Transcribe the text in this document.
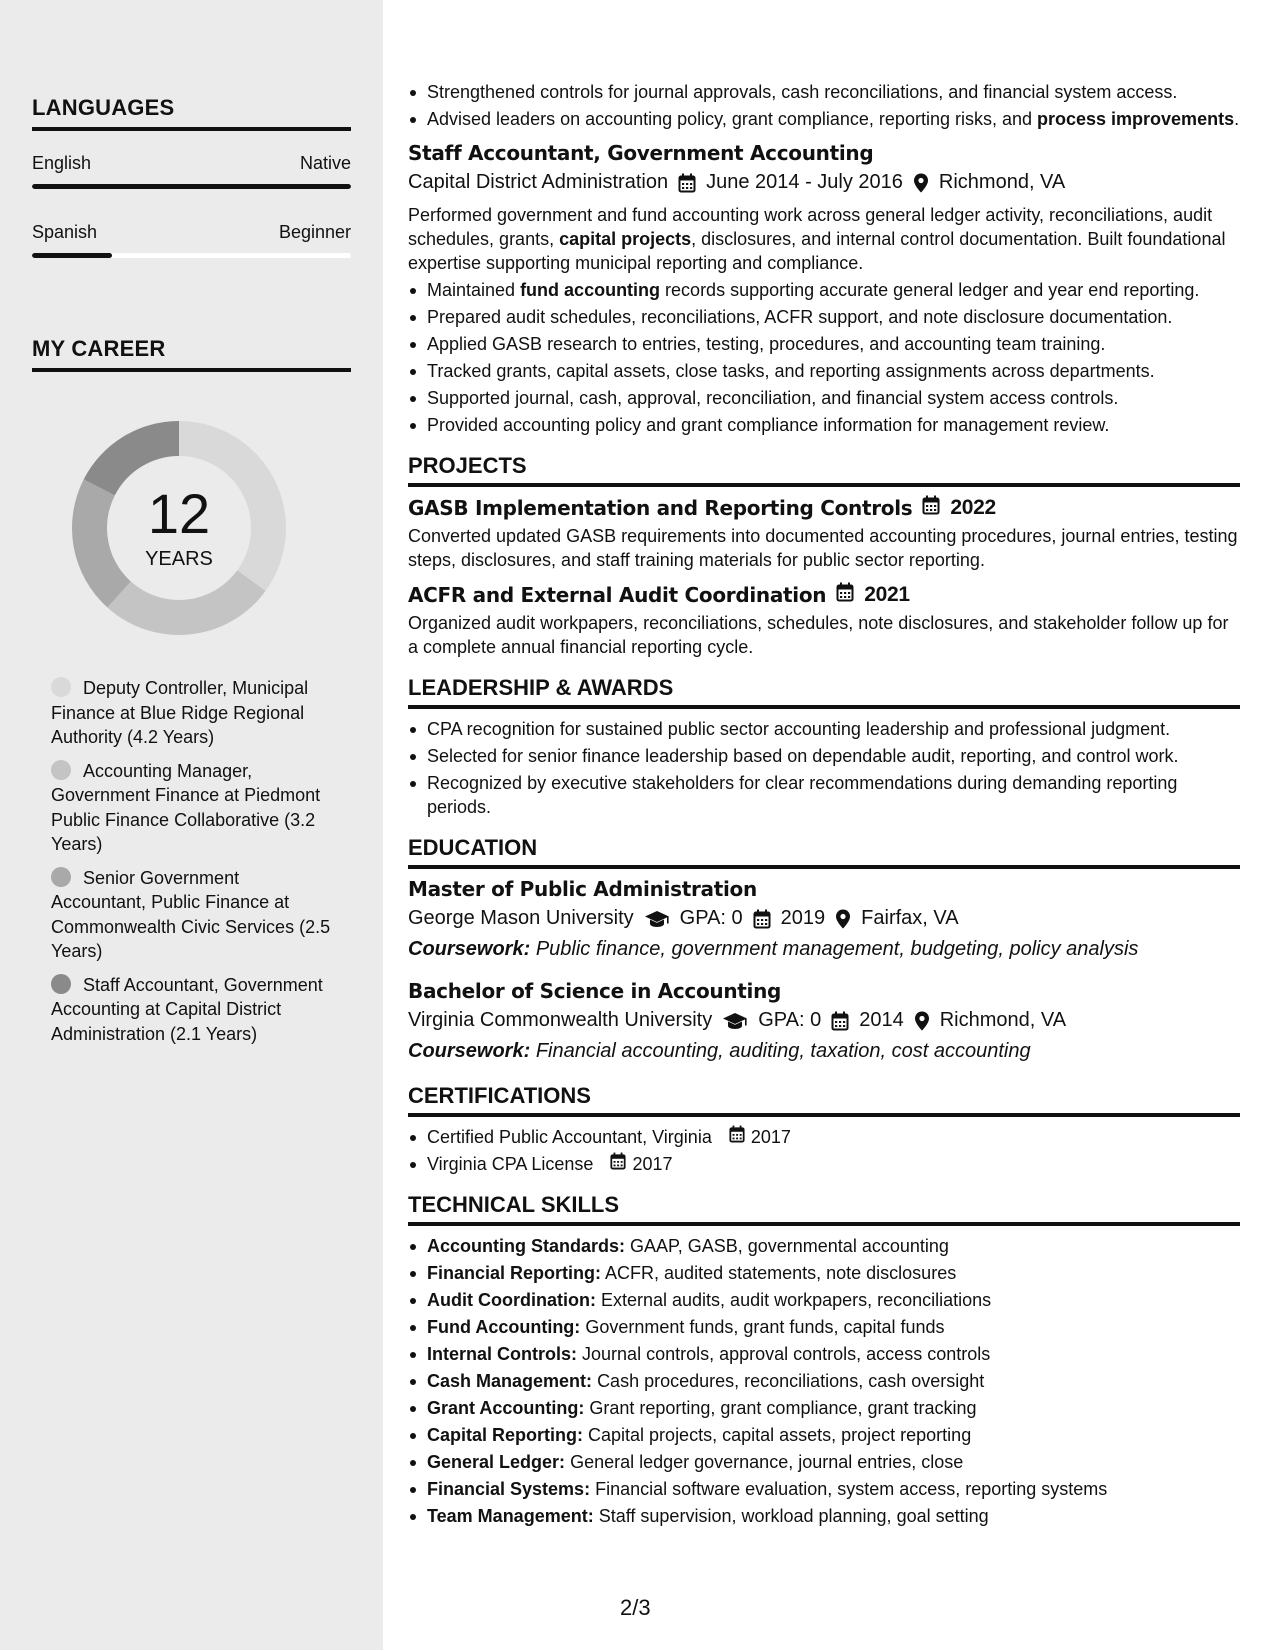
LANGUAGES
English	Native
Spanish	Beginner
MY CAREER
12
YEARS
Deputy Controller, Municipal Finance at Blue Ridge Regional Authority (4.2 Years)
Accounting Manager, Government Finance at Piedmont Public Finance Collaborative (3.2 Years)
Senior Government Accountant, Public Finance at Commonwealth Civic Services (2.5 Years)
Staff Accountant, Government Accounting at Capital District Administration (2.1 Years)
Strengthened controls for journal approvals, cash reconciliations, and financial system access.
Advised leaders on accounting policy, grant compliance, reporting risks, and process improvements.
Staff Accountant, Government Accounting
Capital District Administration June 2014 - July 2016 Richmond, VA
Performed government and fund accounting work across general ledger activity, reconciliations, audit schedules, grants, capital projects, disclosures, and internal control documentation. Built foundational expertise supporting municipal reporting and compliance.
Maintained fund accounting records supporting accurate general ledger and year end reporting.
Prepared audit schedules, reconciliations, ACFR support, and note disclosure documentation.
Applied GASB research to entries, testing, procedures, and accounting team training.
Tracked grants, capital assets, close tasks, and reporting assignments across departments.
Supported journal, cash, approval, reconciliation, and financial system access controls.
Provided accounting policy and grant compliance information for management review.
PROJECTS
GASB Implementation and Reporting Controls 2022
Converted updated GASB requirements into documented accounting procedures, journal entries, testing steps, disclosures, and staff training materials for public sector reporting.
ACFR and External Audit Coordination 2021
Organized audit workpapers, reconciliations, schedules, note disclosures, and stakeholder follow up for a complete annual financial reporting cycle.
LEADERSHIP & AWARDS
CPA recognition for sustained public sector accounting leadership and professional judgment.
Selected for senior finance leadership based on dependable audit, reporting, and control work.
Recognized by executive stakeholders for clear recommendations during demanding reporting periods.
EDUCATION
Master of Public Administration
George Mason University GPA: 0 2019 Fairfax, VA
Coursework: Public finance, government management, budgeting, policy analysis
Bachelor of Science in Accounting
Virginia Commonwealth University GPA: 0 2014 Richmond, VA
Coursework: Financial accounting, auditing, taxation, cost accounting
CERTIFICATIONS
Certified Public Accountant, Virginia
2017
Virginia CPA License
2017
TECHNICAL SKILLS
Accounting Standards: GAAP, GASB, governmental accounting
Financial Reporting: ACFR, audited statements, note disclosures
Audit Coordination: External audits, audit workpapers, reconciliations
Fund Accounting: Government funds, grant funds, capital funds
Internal Controls: Journal controls, approval controls, access controls
Cash Management: Cash procedures, reconciliations, cash oversight
Grant Accounting: Grant reporting, grant compliance, grant tracking
Capital Reporting: Capital projects, capital assets, project reporting
General Ledger: General ledger governance, journal entries, close
Financial Systems: Financial software evaluation, system access, reporting systems
Team Management: Staff supervision, workload planning, goal setting
2/3
